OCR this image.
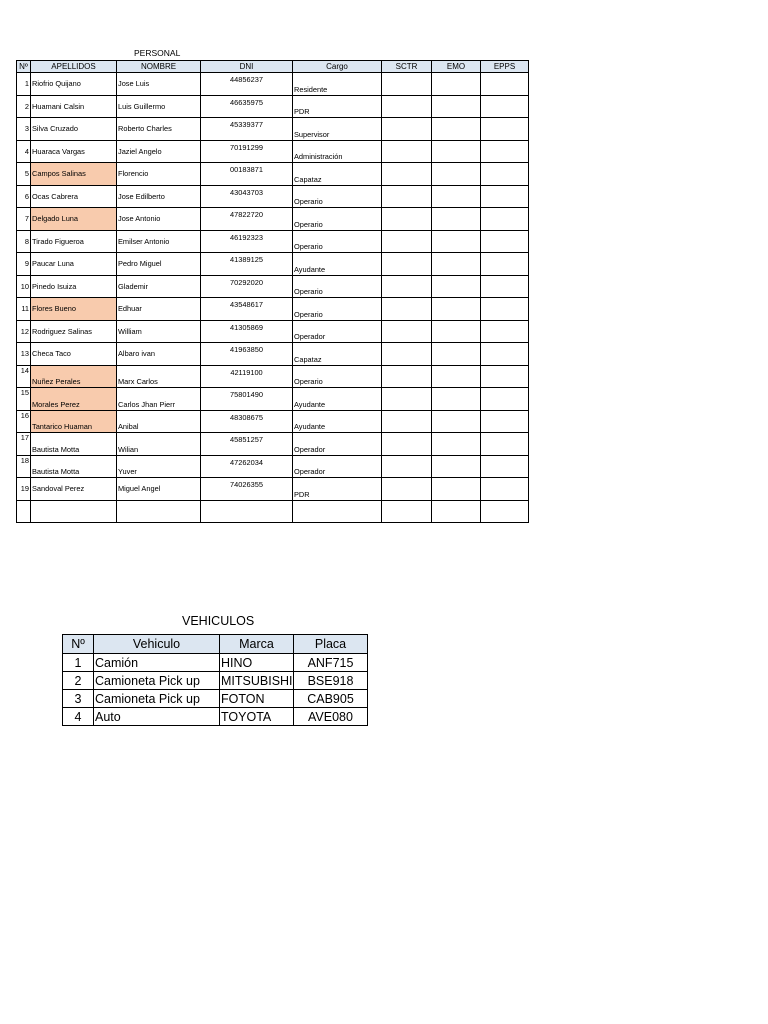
PERSONAL
Nº	APELLIDOS	NOMBRE	DNI	Cargo	SCTR	EMO	EPPS
1	Riofrio Quijano	Jose Luis	44856237	Residente			
2	Huamani Calsin	Luis Guillermo	46635975	PDR			
3	Silva Cruzado	Roberto Charles	45339377	Supervisor			
4	Huaraca Vargas	Jaziel Angelo	70191299	Administración			
5	Campos Salinas	Florencio	00183871	Capataz			
6	Ocas Cabrera	Jose Edilberto	43043703	Operario			
7	Delgado Luna	Jose Antonio	47822720	Operario			
8	Tirado Figueroa	Emilser Antonio	46192323	Operario			
9	Paucar Luna	Pedro Miguel	41389125	Ayudante			
10	Pinedo Isuiza	Glademir	70292020	Operario			
11	Flores Bueno	Edhuar	43548617	Operario			
12	Rodriguez Salinas	William	41305869	Operador			
13	Checa Taco	Albaro ivan	41963850	Capataz			
14	Nuñez Perales	Marx Carlos	42119100	Operario			
15	Morales Perez	Carlos Jhan Pierr	75801490	Ayudante			
16	Tantarico Huaman	Anibal	48308675	Ayudante			
17	Bautista Motta	Wilian	45851257	Operador			
18	Bautista Motta	Yuver	47262034	Operador			
19	Sandoval Perez	Miguel Angel	74026355	PDR			

VEHICULOS
Nº	Vehiculo	Marca	Placa
1	Camión	HINO	ANF715
2	Camioneta Pick up	MITSUBISHI	BSE918
3	Camioneta Pick up	FOTON	CAB905
4	Auto	TOYOTA	AVE080
